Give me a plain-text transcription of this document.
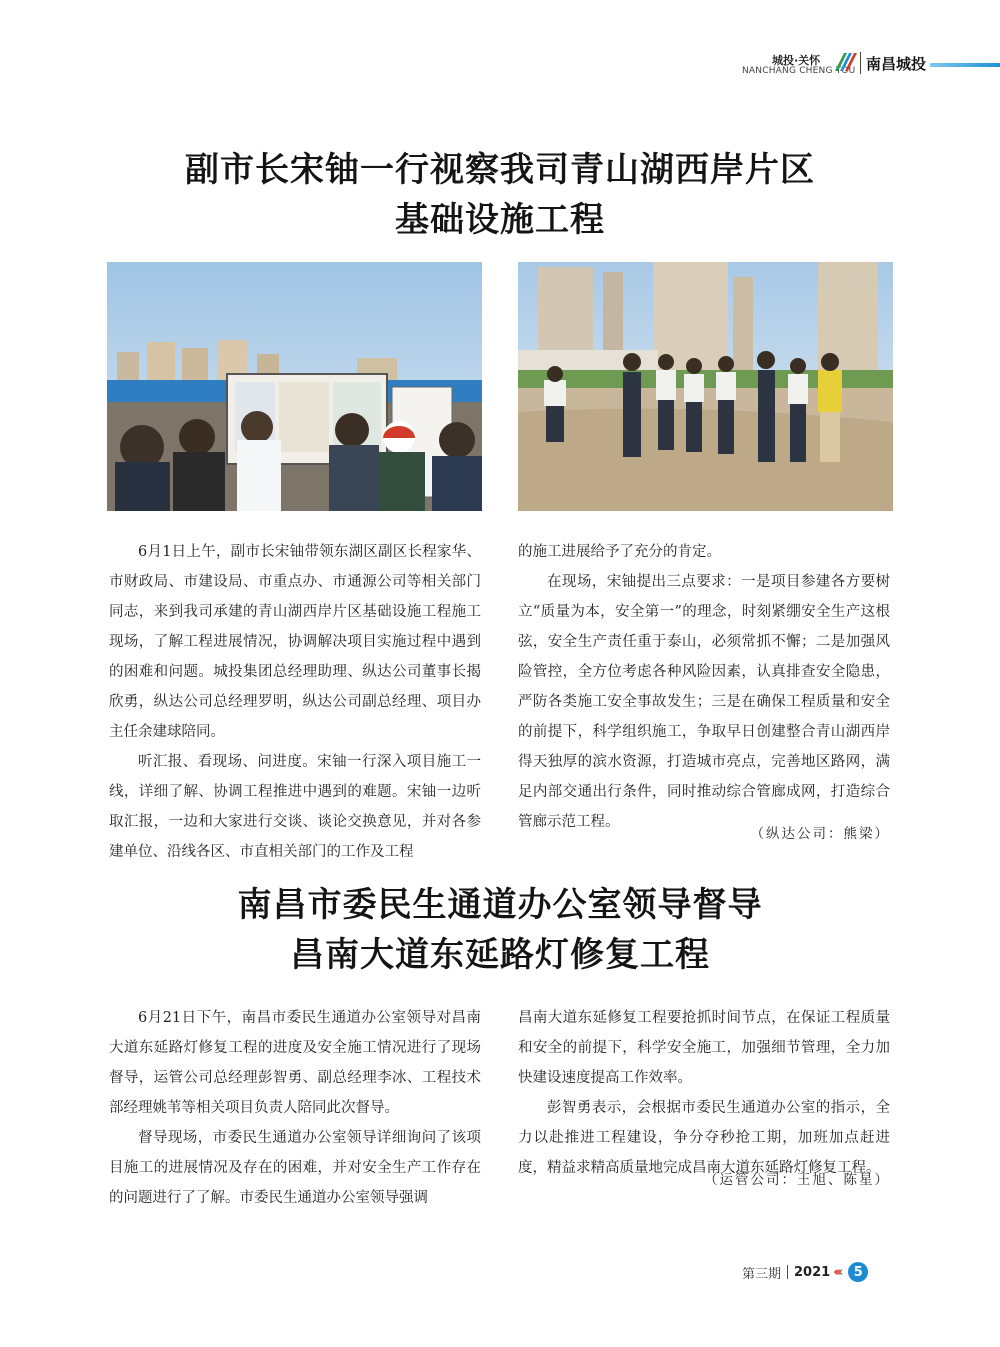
城投·关怀
NANCHANG CHENG TOU 南昌城投
副市长宋铀一行视察我司青山湖西岸片区
基础设施工程

6月1日上午，副市长宋铀带领东湖区副区长程家华、市财政局、市建设局、市重点办、市通源公司等相关部门同志，来到我司承建的青山湖西岸片区基础设施工程施工现场，了解工程进展情况，协调解决项目实施过程中遇到的困难和问题。城投集团总经理助理、纵达公司董事长揭欣勇，纵达公司总经理罗明，纵达公司副总经理、项目办主任余建球陪同。

听汇报、看现场、问进度。宋铀一行深入项目施工一线，详细了解、协调工程推进中遇到的难题。宋铀一边听取汇报，一边和大家进行交谈、谈论交换意见，并对各参建单位、沿线各区、市直相关部门的工作及工程

的施工进展给予了充分的肯定。

在现场，宋铀提出三点要求：一是项目参建各方要树立“质量为本，安全第一”的理念，时刻紧绷安全生产这根弦，安全生产责任重于泰山，必须常抓不懈；二是加强风险管控，全方位考虑各种风险因素，认真排查安全隐患，严防各类施工安全事故发生；三是在确保工程质量和安全的前提下，科学组织施工，争取早日创建整合青山湖西岸得天独厚的滨水资源，打造城市亮点，完善地区路网，满足内部交通出行条件，同时推动综合管廊成网，打造综合管廊示范工程。

（纵达公司：熊梁）
南昌市委民生通道办公室领导督导
昌南大道东延路灯修复工程

6月21日下午，南昌市委民生通道办公室领导对昌南大道东延路灯修复工程的进度及安全施工情况进行了现场督导，运管公司总经理彭智勇、副总经理李冰、工程技术部经理姚苇等相关项目负责人陪同此次督导。

督导现场，市委民生通道办公室领导详细询问了该项目施工的进展情况及存在的困难，并对安全生产工作存在的问题进行了了解。市委民生通道办公室领导强调

昌南大道东延修复工程要抢抓时间节点，在保证工程质量和安全的前提下，科学安全施工，加强细节管理，全力加快建设速度提高工作效率。

彭智勇表示，会根据市委民生通道办公室的指示，全力以赴推进工程建设，争分夺秒抢工期，加班加点赶进度，精益求精高质量地完成昌南大道东延路灯修复工程。

（运管公司：王旭、陈星）
第三期 2021 ‹‹‹	5
